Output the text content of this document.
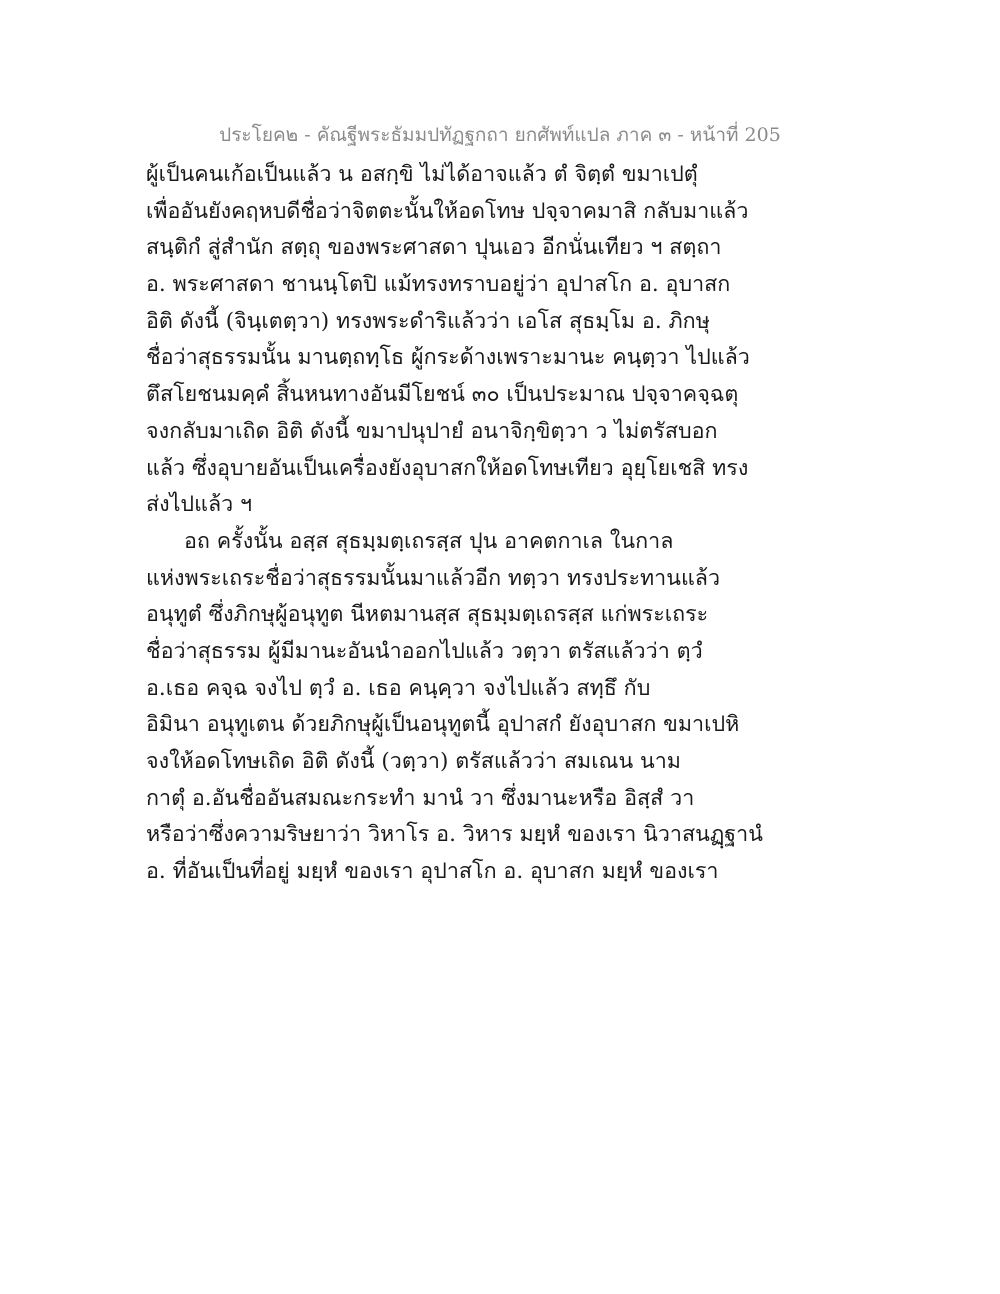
ประโยค๒ - คัณฐีพระธัมมปทัฏฐกถา ยกศัพท์แปล ภาค ๓ - หน้าที่ 205
ผู้เป็นคนเก้อเป็นแล้ว น อสกฺขิ ไม่ได้อาจแล้ว ตํ จิตฺตํ ขมาเปตุํ
เพื่ออันยังคฤหบดีชื่อว่าจิตตะนั้นให้อดโทษ ปจฺจาคมาสิ กลับมาแล้ว
สนฺติกํ สู่สำนัก สตฺถุ ของพระศาสดา ปุนเอว อีกนั่นเทียว ฯ สตฺถา
อ. พระศาสดา ชานนฺโตปิ แม้ทรงทราบอยู่ว่า อุปาสโก อ. อุบาสก
อิติ ดังนี้ (จินฺเตตฺวา) ทรงพระดำริแล้วว่า เอโส สุธมฺโม อ. ภิกษุ
ชื่อว่าสุธรรมนั้น มานตฺถทฺโธ ผู้กระด้างเพราะมานะ คนฺตฺวา ไปแล้ว
ตึสโยชนมคฺคํ สิ้นหนทางอันมีโยชน์ ๓๐ เป็นประมาณ ปจฺจาคจฺฉตุ
จงกลับมาเถิด อิติ ดังนี้ ขมาปนุปายํ อนาจิกฺขิตฺวา ว ไม่ตรัสบอก
แล้ว ซึ่งอุบายอันเป็นเครื่องยังอุบาสกให้อดโทษเทียว อุยฺโยเชสิ ทรง
ส่งไปแล้ว ฯ
อถ ครั้งนั้น อสฺส สุธมฺมตฺเถรสฺส ปุน อาคตกาเล ในกาล
แห่งพระเถระชื่อว่าสุธรรมนั้นมาแล้วอีก ทตฺวา ทรงประทานแล้ว
อนุทูตํ ซึ่งภิกษุผู้อนุทูต นีหตมานสฺส สุธมฺมตฺเถรสฺส แก่พระเถระ
ชื่อว่าสุธรรม ผู้มีมานะอันนำออกไปแล้ว วตฺวา ตรัสแล้วว่า ตฺวํ
อ.เธอ คจฺฉ จงไป ตฺวํ อ. เธอ คนฺคฺวา จงไปแล้ว สทฺธึ กับ
อิมินา อนุทูเตน ด้วยภิกษุผู้เป็นอนุทูตนี้ อุปาสกํ ยังอุบาสก ขมาเปหิ
จงให้อดโทษเถิด อิติ ดังนี้ (วตฺวา) ตรัสแล้วว่า สมเณน นาม
กาตุํ อ.อันชื่ออันสมณะกระทำ มานํ วา ซึ่งมานะหรือ อิสฺสํ วา
หรือว่าซึ่งความริษยาว่า วิหาโร อ. วิหาร มยฺหํ ของเรา นิวาสนฏฺฐานํ
อ. ที่อันเป็นที่อยู่ มยฺหํ ของเรา อุปาสโก อ. อุบาสก มยฺหํ ของเรา
